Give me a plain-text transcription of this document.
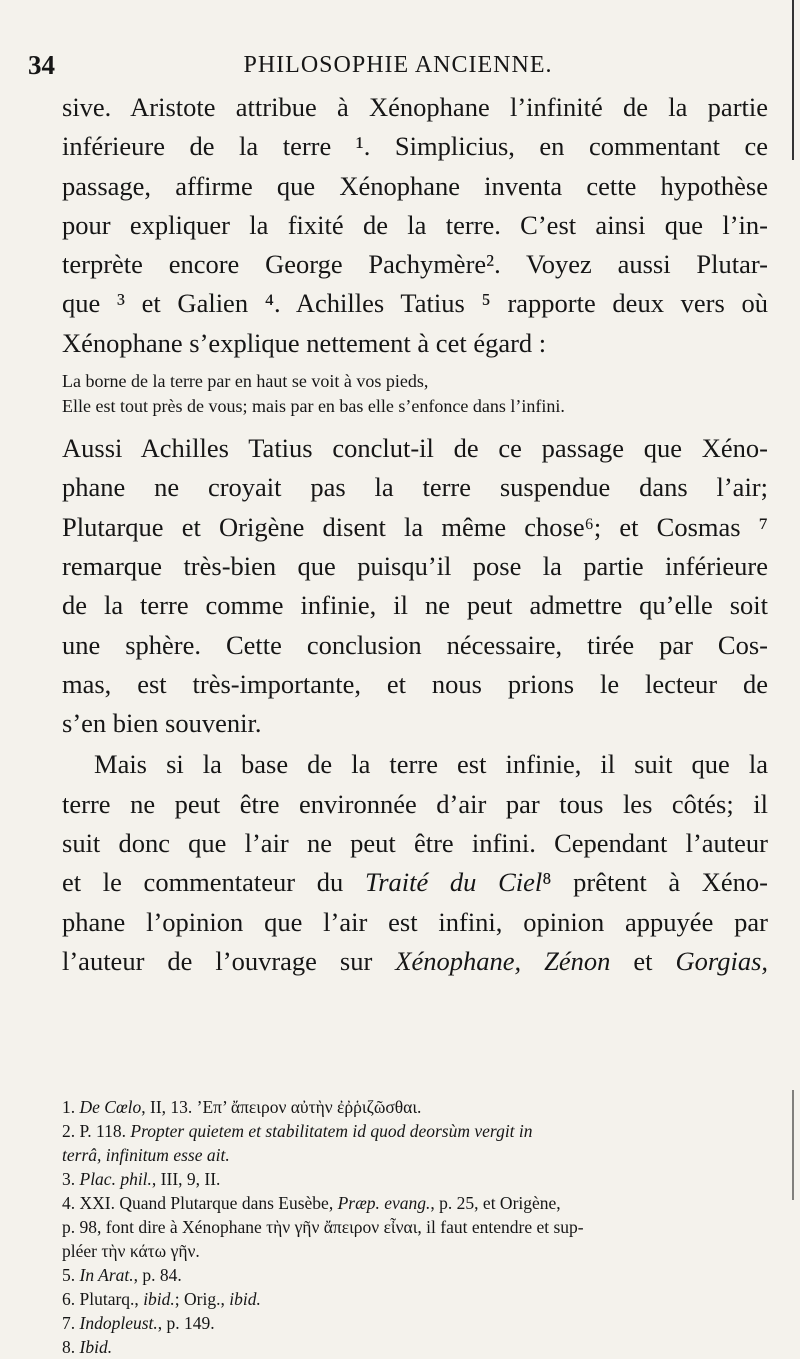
34	PHILOSOPHIE ANCIENNE.
sive. Aristote attribue à Xénophane l’infinité de la partie
inférieure de la terre ¹. Simplicius, en commentant ce
passage, affirme que Xénophane inventa cette hypothèse
pour expliquer la fixité de la terre. C’est ainsi que l’in-
terprète encore George Pachymère². Voyez aussi Plutar-
que ³ et Galien ⁴. Achilles Tatius ⁵ rapporte deux vers où
Xénophane s’explique nettement à cet égard :
La borne de la terre par en haut se voit à vos pieds,
Elle est tout près de vous; mais par en bas elle s’enfonce dans l’infini.
Aussi Achilles Tatius conclut-il de ce passage que Xéno-
phane ne croyait pas la terre suspendue dans l’air;
Plutarque et Origène disent la même chose⁶; et Cosmas ⁷
remarque très-bien que puisqu’il pose la partie inférieure
de la terre comme infinie, il ne peut admettre qu’elle soit
une sphère. Cette conclusion nécessaire, tirée par Cos-
mas, est très-importante, et nous prions le lecteur de
s’en bien souvenir.
Mais si la base de la terre est infinie, il suit que la
terre ne peut être environnée d’air par tous les côtés; il
suit donc que l’air ne peut être infini. Cependant l’auteur
et le commentateur du Traité du Ciel⁸ prêtent à Xéno-
phane l’opinion que l’air est infini, opinion appuyée par
l’auteur de l’ouvrage sur Xénophane, Zénon et Gorgias,
1. De Cœlo, II, 13. ’Επ’ ἄπειρον αὐτὴν ἐῤῥιζῶσθαι.
2. P. 118. Propter quietem et stabilitatem id quod deorsùm vergit in
terrâ, infinitum esse ait.
3. Plac. phil., III, 9, II.
4. XXI. Quand Plutarque dans Eusèbe, Præp. evang., p. 25, et Origène,
p. 98, font dire à Xénophane τὴν γῆν ἄπειρον εἶναι, il faut entendre et sup-
pléer τὴν κάτω γῆν.
5. In Arat., p. 84.
6. Plutarq., ibid.; Orig., ibid.
7. Indopleust., p. 149.
8. Ibid.
